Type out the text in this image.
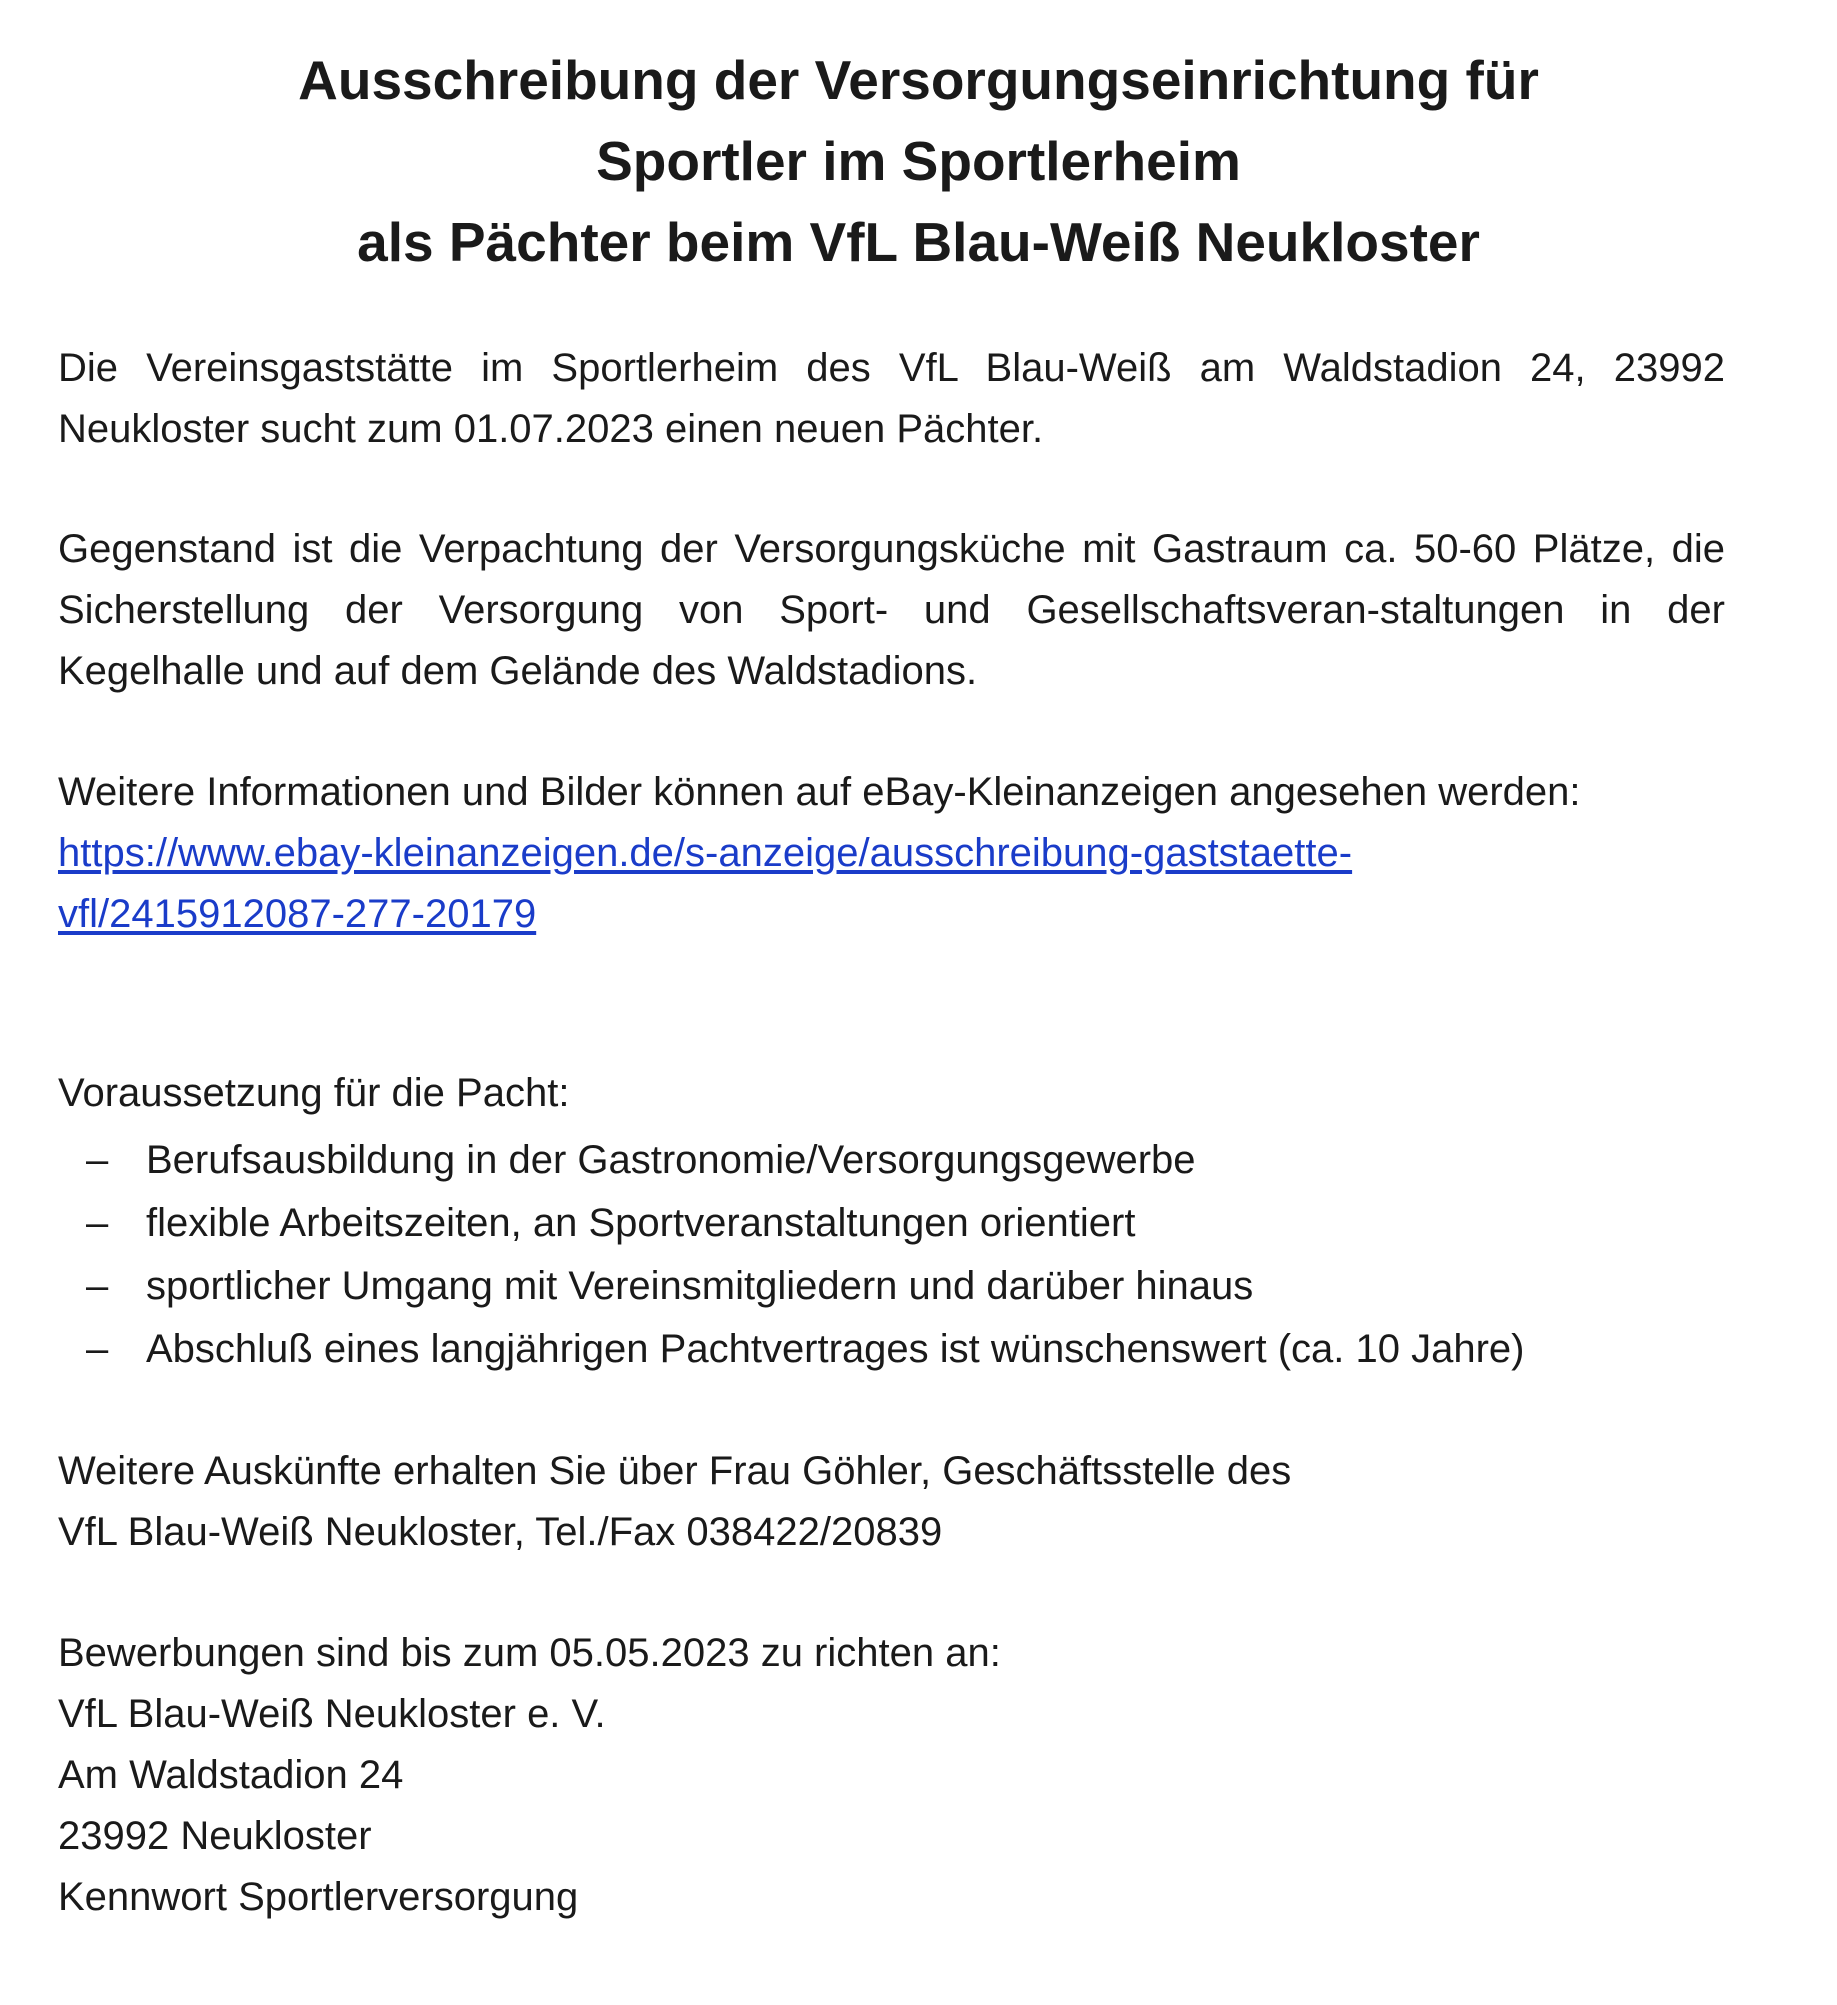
Ausschreibung der Versorgungseinrichtung für
Sportler im Sportlerheim
als Pächter beim VfL Blau-Weiß Neukloster

Die Vereinsgaststätte im Sportlerheim des VfL Blau-Weiß am Waldstadion 24, 23992 Neukloster sucht zum 01.07.2023 einen neuen Pächter.

Gegenstand ist die Verpachtung der Versorgungsküche mit Gastraum ca. 50-60 Plätze, die Sicherstellung der Versorgung von Sport- und Gesellschaftsveran-staltungen in der Kegelhalle und auf dem Gelände des Waldstadions.

Weitere Informationen und Bilder können auf eBay-Kleinanzeigen angesehen werden:

https://www.ebay-kleinanzeigen.de/s-anzeige/ausschreibung-gaststaette-
vfl/2415912087-277-20179

Voraussetzung für die Pacht:

– Berufsausbildung in der Gastronomie/Versorgungsgewerbe
– flexible Arbeitszeiten, an Sportveranstaltungen orientiert
– sportlicher Umgang mit Vereinsmitgliedern und darüber hinaus
– Abschluß eines langjährigen Pachtvertrages ist wünschenswert (ca. 10 Jahre)
Weitere Auskünfte erhalten Sie über Frau Göhler, Geschäftsstelle des
VfL Blau-Weiß Neukloster, Tel./Fax 038422/20839
Bewerbungen sind bis zum 05.05.2023 zu richten an:
VfL Blau-Weiß Neukloster e. V.
Am Waldstadion 24
23992 Neukloster
Kennwort Sportlerversorgung
